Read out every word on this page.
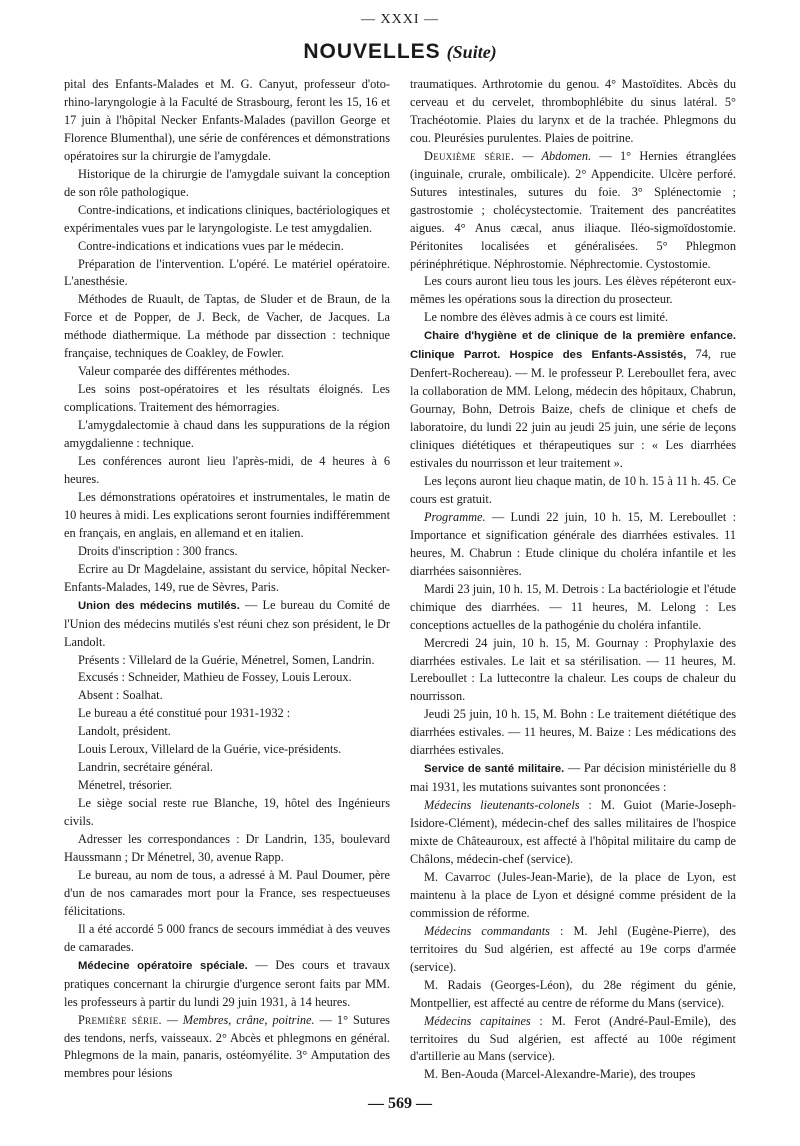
— XXXI —
NOUVELLES (Suite)

pital des Enfants-Malades et M. G. Canyut, professeur d'oto-rhino-laryngologie à la Faculté de Strasbourg, feront les 15, 16 et 17 juin à l'hôpital Necker Enfants-Malades (pavillon George et Florence Blumenthal), une série de conférences et démonstrations opératoires sur la chirurgie de l'amygdale.

Historique de la chirurgie de l'amygdale suivant la conception de son rôle pathologique.

Contre-indications, et indications cliniques, bactériologiques et expérimentales vues par le laryngologiste. Le test amygdalien.

Contre-indications et indications vues par le médecin.

Préparation de l'intervention. L'opéré. Le matériel opératoire. L'anesthésie.

Méthodes de Ruault, de Taptas, de Sluder et de Braun, de la Force et de Popper, de J. Beck, de Vacher, de Jacques. La méthode diathermique. La méthode par dissection : technique française, techniques de Coakley, de Fowler.

Valeur comparée des différentes méthodes.

Les soins post-opératoires et les résultats éloignés. Les complications. Traitement des hémorragies.

L'amygdalectomie à chaud dans les suppurations de la région amygdalienne : technique.

Les conférences auront lieu l'après-midi, de 4 heures à 6 heures.

Les démonstrations opératoires et instrumentales, le matin de 10 heures à midi. Les explications seront fournies indifféremment en français, en anglais, en allemand et en italien.

Droits d'inscription : 300 francs.

Ecrire au Dr Magdelaine, assistant du service, hôpital Necker-Enfants-Malades, 149, rue de Sèvres, Paris.

Union des médecins mutilés. — Le bureau du Comité de l'Union des médecins mutilés s'est réuni chez son président, le Dr Landolt.

Présents : Villelard de la Guérie, Ménetrel, Somen, Landrin.

Excusés : Schneider, Mathieu de Fossey, Louis Leroux.

Absent : Soalhat.

Le bureau a été constitué pour 1931-1932 :

Landolt, président.

Louis Leroux, Villelard de la Guérie, vice-présidents.

Landrin, secrétaire général.

Ménetrel, trésorier.

Le siège social reste rue Blanche, 19, hôtel des Ingénieurs civils.

Adresser les correspondances : Dr Landrin, 135, boulevard Haussmann ; Dr Ménetrel, 30, avenue Rapp.

Le bureau, au nom de tous, a adressé à M. Paul Doumer, père d'un de nos camarades mort pour la France, ses respectueuses félicitations.

Il a été accordé 5 000 francs de secours immédiat à des veuves de camarades.

Médecine opératoire spéciale. — Des cours et travaux pratiques concernant la chirurgie d'urgence seront faits par MM. les professeurs à partir du lundi 29 juin 1931, à 14 heures.

Première série. — Membres, crâne, poitrine. — 1° Sutures des tendons, nerfs, vaisseaux. 2° Abcès et phlegmons en général. Phlegmons de la main, panaris, ostéomyélite. 3° Amputation des membres pour lésions

traumatiques. Arthrotomie du genou. 4° Mastoïdites. Abcès du cerveau et du cervelet, thrombophlébite du sinus latéral. 5° Trachéotomie. Plaies du larynx et de la trachée. Phlegmons du cou. Pleurésies purulentes. Plaies de poitrine.

Deuxième série. — Abdomen. — 1° Hernies étranglées (inguinale, crurale, ombilicale). 2° Appendicite. Ulcère perforé. Sutures intestinales, sutures du foie. 3° Splénectomie ; gastrostomie ; cholécystectomie. Traitement des pancréatites aigues. 4° Anus cæcal, anus iliaque. Iléo-sigmoïdostomie. Péritonites localisées et généralisées. 5° Phlegmon périnéphrétique. Néphrostomie. Néphrectomie. Cystostomie.

Les cours auront lieu tous les jours. Les élèves répéteront eux-mêmes les opérations sous la direction du prosecteur.

Le nombre des élèves admis à ce cours est limité.

Chaire d'hygiène et de clinique de la première enfance. Clinique Parrot. Hospice des Enfants-Assistés, 74, rue Denfert-Rochereau). — M. le professeur P. Lereboullet fera, avec la collaboration de MM. Lelong, médecin des hôpitaux, Chabrun, Gournay, Bohn, Detrois Baize, chefs de clinique et chefs de laboratoire, du lundi 22 juin au jeudi 25 juin, une série de leçons cliniques diététiques et thérapeutiques sur : « Les diarrhées estivales du nourrisson et leur traitement ».

Les leçons auront lieu chaque matin, de 10 h. 15 à 11 h. 45. Ce cours est gratuit.

Programme. — Lundi 22 juin, 10 h. 15, M. Lereboullet : Importance et signification générale des diarrhées estivales. 11 heures, M. Chabrun : Etude clinique du choléra infantile et les diarrhées saisonnières.

Mardi 23 juin, 10 h. 15, M. Detrois : La bactériologie et l'étude chimique des diarrhées. — 11 heures, M. Lelong : Les conceptions actuelles de la pathogénie du choléra infantile.

Mercredi 24 juin, 10 h. 15, M. Gournay : Prophylaxie des diarrhées estivales. Le lait et sa stérilisation. — 11 heures, M. Lereboullet : La luttecontre la chaleur. Les coups de chaleur du nourrisson.

Jeudi 25 juin, 10 h. 15, M. Bohn : Le traitement diététique des diarrhées estivales. — 11 heures, M. Baize : Les médications des diarrhées estivales.

Service de santé militaire. — Par décision ministérielle du 8 mai 1931, les mutations suivantes sont prononcées :

Médecins lieutenants-colonels : M. Guiot (Marie-Joseph-Isidore-Clément), médecin-chef des salles militaires de l'hospice mixte de Châteauroux, est affecté à l'hôpital militaire du camp de Châlons, médecin-chef (service).

M. Cavarroc (Jules-Jean-Marie), de la place de Lyon, est maintenu à la place de Lyon et désigné comme président de la commission de réforme.

Médecins commandants : M. Jehl (Eugène-Pierre), des territoires du Sud algérien, est affecté au 19e corps d'armée (service).

M. Radais (Georges-Léon), du 28e régiment du génie, Montpellier, est affecté au centre de réforme du Mans (service).

Médecins capitaines : M. Ferot (André-Paul-Emile), des territoires du Sud algérien, est affecté au 100e régiment d'artillerie au Mans (service).

M. Ben-Aouda (Marcel-Alexandre-Marie), des troupes

— 569 —
